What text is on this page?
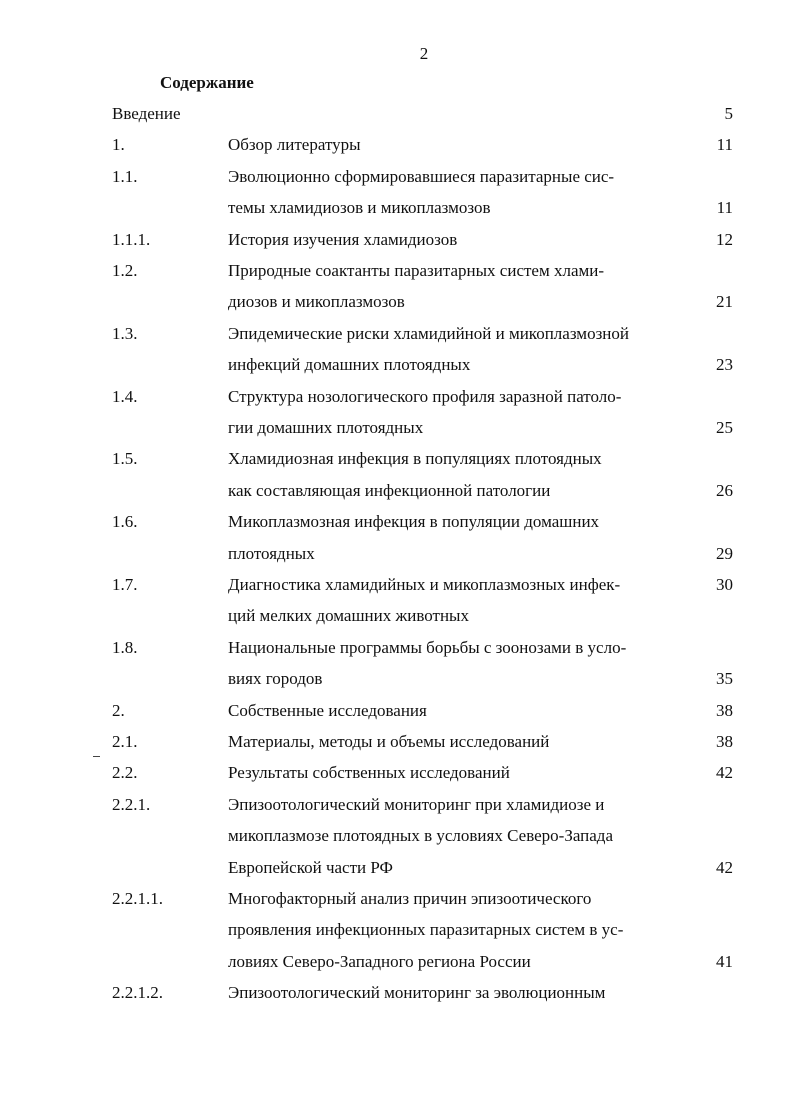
2
Содержание
Введение	5
1.	Обзор литературы	11
1.1.	Эволюционно сформировавшиеся паразитарные сис-
темы хламидиозов и микоплазмозов	11
1.1.1.	История изучения хламидиозов	12
1.2.	Природные соактанты паразитарных систем хлами-
диозов и микоплазмозов	21
1.3.	Эпидемические риски хламидийной и микоплазмозной
инфекций домашних плотоядных	23
1.4.	Структура нозологического профиля заразной патоло-
гии домашних плотоядных	25
1.5.	Хламидиозная инфекция в популяциях плотоядных
как составляющая инфекционной патологии	26
1.6.	Микоплазмозная инфекция в популяции домашних
плотоядных	29
1.7.	Диагностика хламидийных и микоплазмозных инфек-	30
ций мелких домашних животных
1.8.	Национальные программы борьбы с зоонозами в усло-
виях городов	35
2.	Собственные исследования	38
2.1.	Материалы, методы и объемы исследований	38
2.2.	Результаты собственных исследований	42
2.2.1.	Эпизоотологический мониторинг при хламидиозе и
микоплазмозе плотоядных в условиях Северо-Запада
Европейской части РФ	42
2.2.1.1.	Многофакторный анализ причин эпизоотического
проявления инфекционных паразитарных систем в ус-
ловиях Северо-Западного региона России	41
2.2.1.2.	Эпизоотологический мониторинг за эволюционным
